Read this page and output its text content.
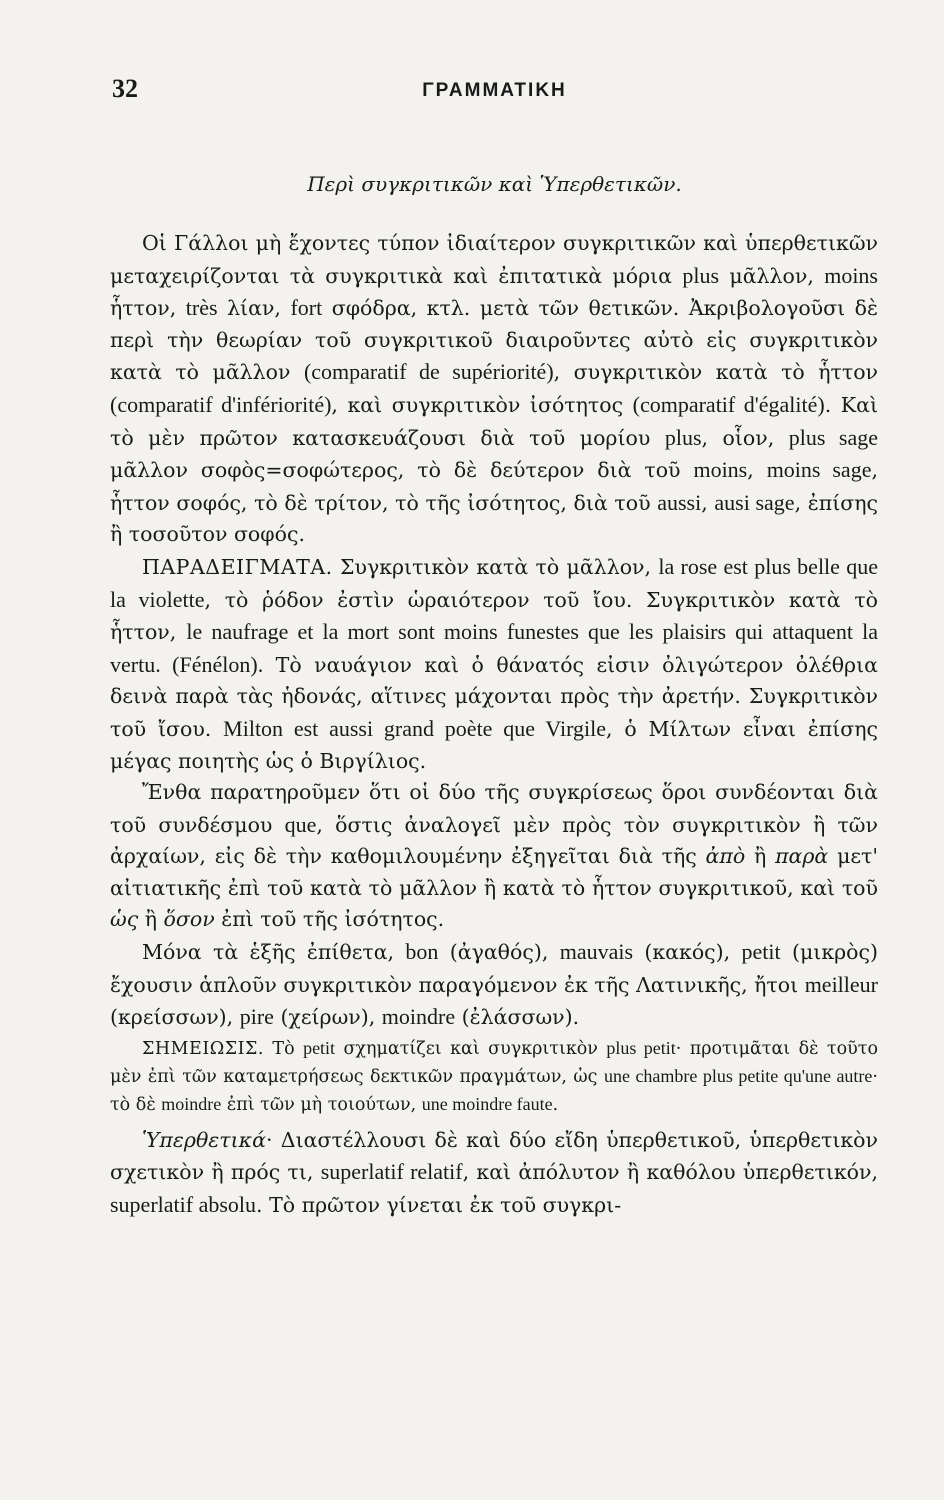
32	ΓΡΑΜΜΑΤΙΚΗ
Περὶ συγκριτικῶν καὶ Ὑπερθετικῶν.

Οἱ Γάλλοι μὴ ἔχοντες τύπον ἰδιαίτερον συγκριτικῶν καὶ ὑπερθετικῶν μεταχειρίζονται τὰ συγκριτικὰ καὶ ἐπιτατικὰ μόρια plus μᾶλλον, moins ἧττον, très λίαν, fort σφόδρα, κτλ. μετὰ τῶν θετικῶν. Ἀκριβολογοῦσι δὲ περὶ τὴν θεωρίαν τοῦ συγκριτικοῦ διαιροῦντες αὐτὸ εἰς συγκριτικὸν κατὰ τὸ μᾶλλον (comparatif de supériorité), συγκριτικὸν κατὰ τὸ ἧττον (comparatif d'infériorité), καὶ συγκριτικὸν ἰσότητος (comparatif d'égalité). Καὶ τὸ μὲν πρῶτον κατασκευάζουσι διὰ τοῦ μορίου plus, οἷον, plus sage μᾶλλον σοφὸς=σοφώτερος, τὸ δὲ δεύτερον διὰ τοῦ moins, moins sage, ἧττον σοφός, τὸ δὲ τρίτον, τὸ τῆς ἰσότητος, διὰ τοῦ aussi, ausi sage, ἐπίσης ἢ τοσοῦτον σοφός.

ΠΑΡΑΔΕΙΓΜΑΤΑ. Συγκριτικὸν κατὰ τὸ μᾶλλον, la rose est plus belle que la violette, τὸ ῥόδον ἐστὶν ὡραιότερον τοῦ ἴου. Συγκριτικὸν κατὰ τὸ ἧττον, le naufrage et la mort sont moins funestes que les plaisirs qui attaquent la vertu. (Fénélon). Τὸ ναυάγιον καὶ ὁ θάνατός εἰσιν ὀλιγώτερον ὀλέθρια δεινὰ παρὰ τὰς ἡδονάς, αἵτινες μάχονται πρὸς τὴν ἀρετήν. Συγκριτικὸν τοῦ ἴσου. Milton est aussi grand poète que Virgile, ὁ Μίλτων εἶναι ἐπίσης μέγας ποιητὴς ὡς ὁ Βιργίλιος.

Ἔνθα παρατηροῦμεν ὅτι οἱ δύο τῆς συγκρίσεως ὅροι συνδέονται διὰ τοῦ συνδέσμου que, ὅστις ἀναλογεῖ μὲν πρὸς τὸν συγκριτικὸν ἢ τῶν ἀρχαίων, εἰς δὲ τὴν καθομιλουμένην ἐξηγεῖται διὰ τῆς ἀπὸ ἢ παρὰ μετ' αἰτιατικῆς ἐπὶ τοῦ κατὰ τὸ μᾶλλον ἢ κατὰ τὸ ἧττον συγκριτικοῦ, καὶ τοῦ ὡς ἢ ὅσον ἐπὶ τοῦ τῆς ἰσότητος.

Μόνα τὰ ἑξῆς ἐπίθετα, bon (ἀγαθός), mauvais (κακός), petit (μικρὸς) ἔχουσιν ἁπλοῦν συγκριτικὸν παραγόμενον ἐκ τῆς Λατινικῆς, ἤτοι meilleur (κρείσσων), pire (χείρων), moindre (ἐλάσσων).

ΣΗΜΕΙΩΣΙΣ. Τὸ petit σχηματίζει καὶ συγκριτικὸν plus petit· προτιμᾶται δὲ τοῦτο μὲν ἐπὶ τῶν καταμετρήσεως δεκτικῶν πραγμάτων, ὡς une chambre plus petite qu'une autre· τὸ δὲ moindre ἐπὶ τῶν μὴ τοιούτων, une moindre faute.

Ὑπερθετικά· Διαστέλλουσι δὲ καὶ δύο εἴδη ὑπερθετικοῦ, ὑπερθετικὸν σχετικὸν ἢ πρός τι, superlatif relatif, καὶ ἀπόλυτον ἢ καθόλου ὑπερθετικόν, superlatif absolu. Τὸ πρῶτον γίνεται ἐκ τοῦ συγκρι-
